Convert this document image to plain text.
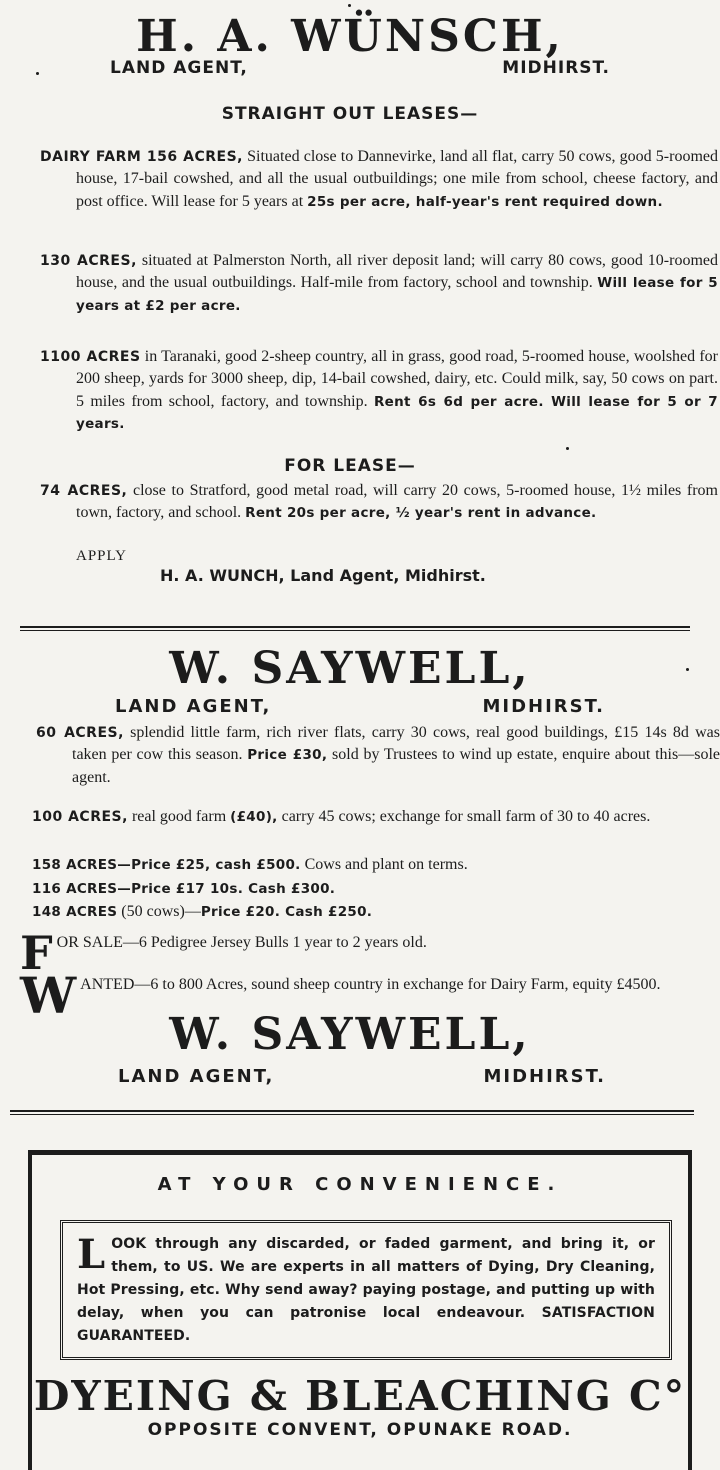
H. A. WÜNSCH,
LAND AGENT,	MIDHIRST.
STRAIGHT OUT LEASES—
DAIRY FARM 156 ACRES, Situated close to Dannevirke, land all flat, carry 50 cows, good 5-roomed house, 17-bail cowshed, and all the usual outbuildings; one mile from school, cheese factory, and post office. Will lease for 5 years at 25s per acre, half-year's rent required down.
130 ACRES, situated at Palmerston North, all river deposit land; will carry 80 cows, good 10-roomed house, and the usual outbuildings. Half-mile from factory, school and township. Will lease for 5 years at £2 per acre.
1100 ACRES in Taranaki, good 2-sheep country, all in grass, good road, 5-roomed house, woolshed for 200 sheep, yards for 3000 sheep, dip, 14-bail cowshed, dairy, etc. Could milk, say, 50 cows on part. 5 miles from school, factory, and township. Rent 6s 6d per acre. Will lease for 5 or 7 years.
FOR LEASE—
74 ACRES, close to Stratford, good metal road, will carry 20 cows, 5-roomed house, 1½ miles from town, factory, and school. Rent 20s per acre, ½ year's rent in advance.
APPLY
H. A. WUNCH, Land Agent, Midhirst.
W. SAYWELL,
LAND AGENT,	MIDHIRST.
60 ACRES, splendid little farm, rich river flats, carry 30 cows, real good buildings, £15 14s 8d was taken per cow this season. Price £30, sold by Trustees to wind up estate, enquire about this—sole agent.
100 ACRES, real good farm (£40), carry 45 cows; exchange for small farm of 30 to 40 acres.
158 ACRES—Price £25, cash £500. Cows and plant on terms.
116 ACRES—Price £17 10s. Cash £300.
148 ACRES (50 cows)—Price £20. Cash £250.
FOR SALE—6 Pedigree Jersey Bulls 1 year to 2 years old.
WANTED—6 to 800 Acres, sound sheep country in exchange for Dairy Farm, equity £4500.
W. SAYWELL,
LAND AGENT,	MIDHIRST.
AT YOUR CONVENIENCE.
LOOK through any discarded, or faded garment, and bring it, or them, to US. We are experts in all matters of Dying, Dry Cleaning, Hot Pressing, etc. Why send away? paying postage, and putting up with delay, when you can patronise local endeavour. SATISFACTION GUARANTEED.
DYEING & BLEACHING C°
OPPOSITE CONVENT, OPUNAKE ROAD.
